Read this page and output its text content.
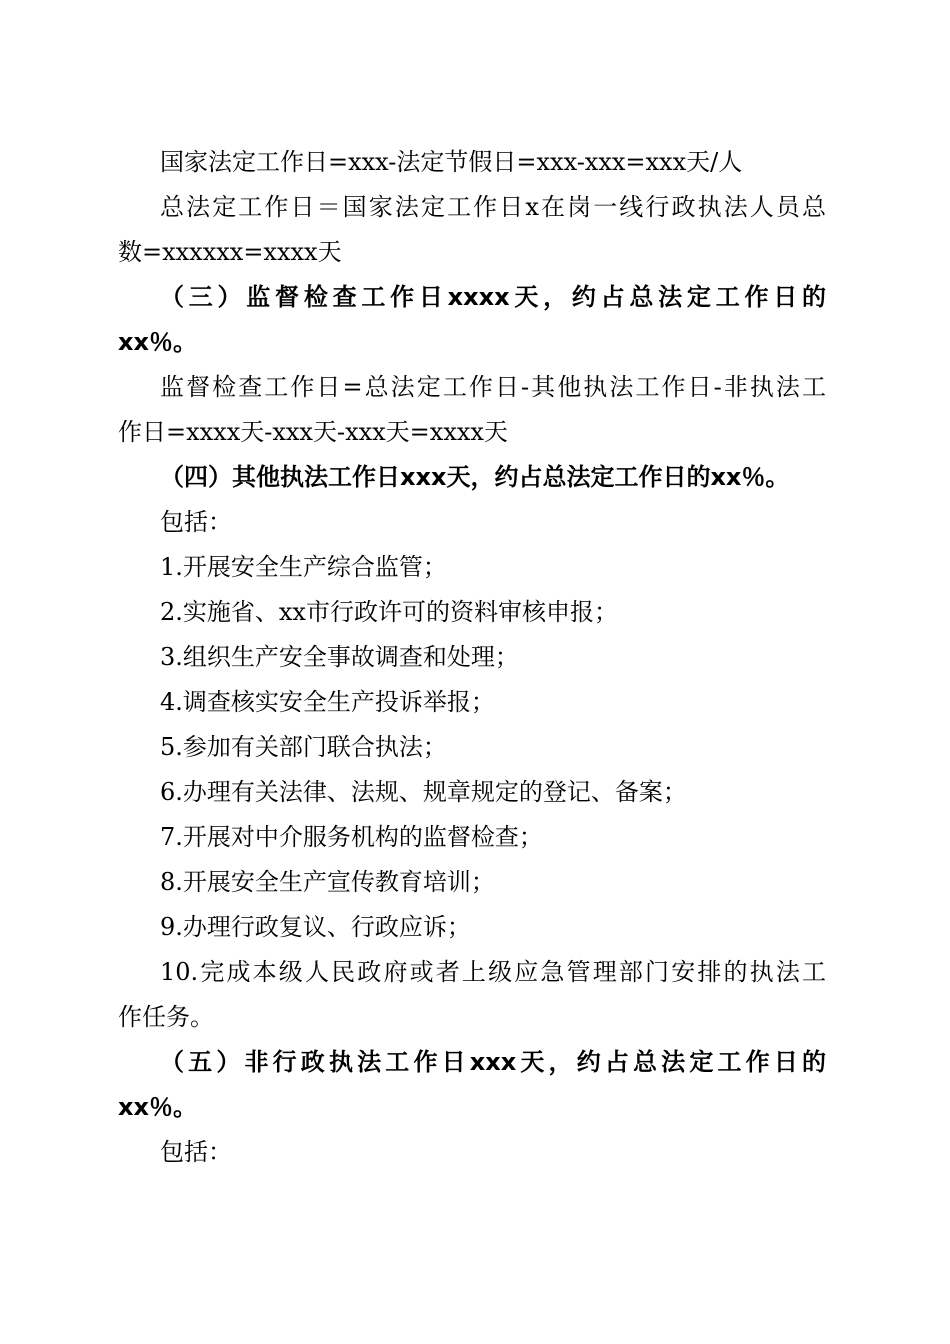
国家法定工作日=xxx-法定节假日=xxx-xxx=xxx天/人
总法定工作日＝国家法定工作日x在岗一线行政执法人员总
数=xxxxxx=xxxx天
（三）监督检查工作日xxxx天，约占总法定工作日的
xx％。
监督检查工作日=总法定工作日-其他执法工作日-非执法工
作日=xxxx天-xxx天-xxx天=xxxx天
（四）其他执法工作日xxx天，约占总法定工作日的xx％。
包括：
1.开展安全生产综合监管；
2.实施省、xx市行政许可的资料审核申报；
3.组织生产安全事故调查和处理；
4.调查核实安全生产投诉举报；
5.参加有关部门联合执法；
6.办理有关法律、法规、规章规定的登记、备案；
7.开展对中介服务机构的监督检查；
8.开展安全生产宣传教育培训；
9.办理行政复议、行政应诉；
10.完成本级人民政府或者上级应急管理部门安排的执法工
作任务。
（五）非行政执法工作日xxx天，约占总法定工作日的
xx％。
包括：
